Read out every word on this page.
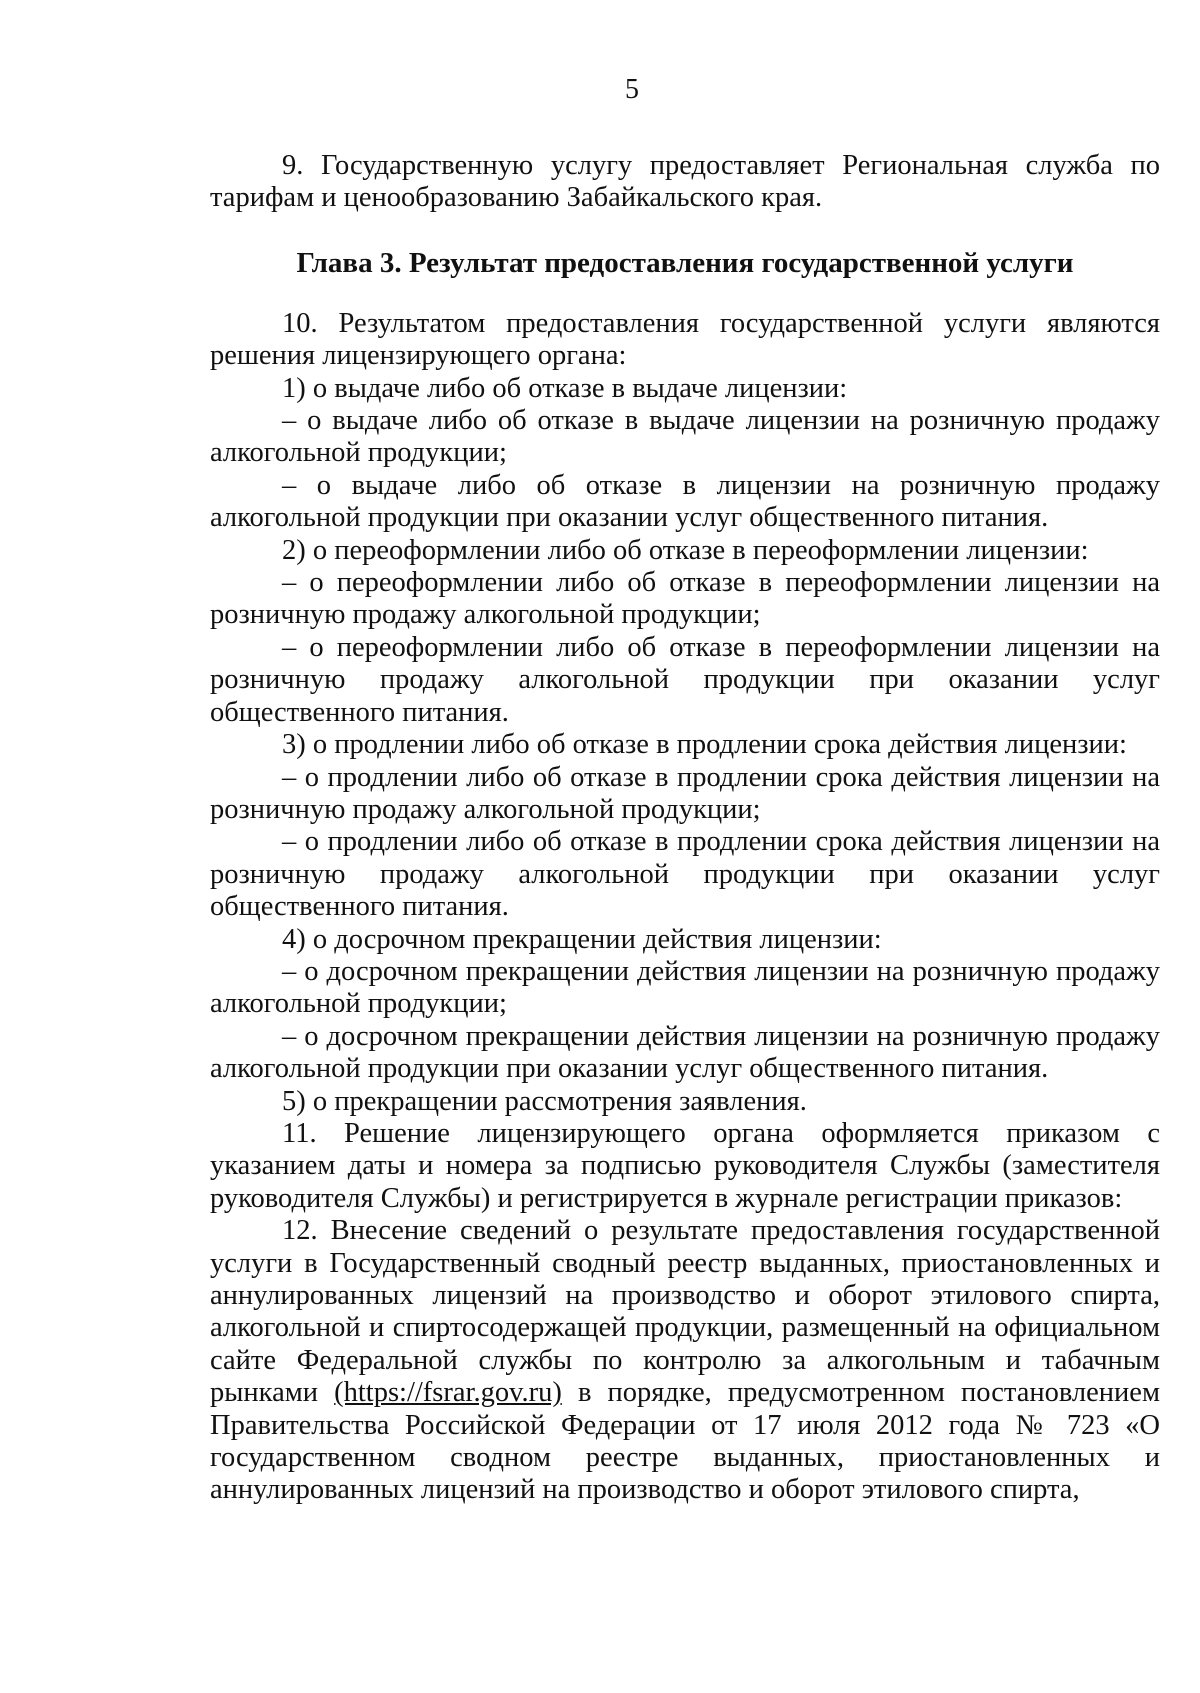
5

9. Государственную услугу предоставляет Региональная служба по тарифам и ценообразованию Забайкальского края.

Глава 3. Результат предоставления государственной услуги

10. Результатом предоставления государственной услуги являются решения лицензирующего органа:

1) о выдаче либо об отказе в выдаче лицензии:

– о выдаче либо об отказе в выдаче лицензии на розничную продажу алкогольной продукции;

– о выдаче либо об отказе в лицензии на розничную продажу алкогольной продукции при оказании услуг общественного питания.

2) о переоформлении либо об отказе в переоформлении лицензии:

– о переоформлении либо об отказе в переоформлении лицензии на розничную продажу алкогольной продукции;

– о переоформлении либо об отказе в переоформлении лицензии на розничную продажу алкогольной продукции при оказании услуг общественного питания.

3) о продлении либо об отказе в продлении срока действия лицензии:

– о продлении либо об отказе в продлении срока действия лицензии на розничную продажу алкогольной продукции;

– о продлении либо об отказе в продлении срока действия лицензии на розничную продажу алкогольной продукции при оказании услуг общественного питания.

4) о досрочном прекращении действия лицензии:

– о досрочном прекращении действия лицензии на розничную продажу алкогольной продукции;

– о досрочном прекращении действия лицензии на розничную продажу алкогольной продукции при оказании услуг общественного питания.

5) о прекращении рассмотрения заявления.

11. Решение лицензирующего органа оформляется приказом с указанием даты и номера за подписью руководителя Службы (заместителя руководителя Службы) и регистрируется в журнале регистрации приказов:

12. Внесение сведений о результате предоставления государственной услуги в Государственный сводный реестр выданных, приостановленных и аннулированных лицензий на производство и оборот этилового спирта, алкогольной и спиртосодержащей продукции, размещенный на официальном сайте Федеральной службы по контролю за алкогольным и табачным рынками (https://fsrar.gov.ru) в порядке, предусмотренном постановлением Правительства Российской Федерации от 17 июля 2012 года № 723 «О государственном сводном реестре выданных, приостановленных и аннулированных лицензий на производство и оборот этилового спирта,
